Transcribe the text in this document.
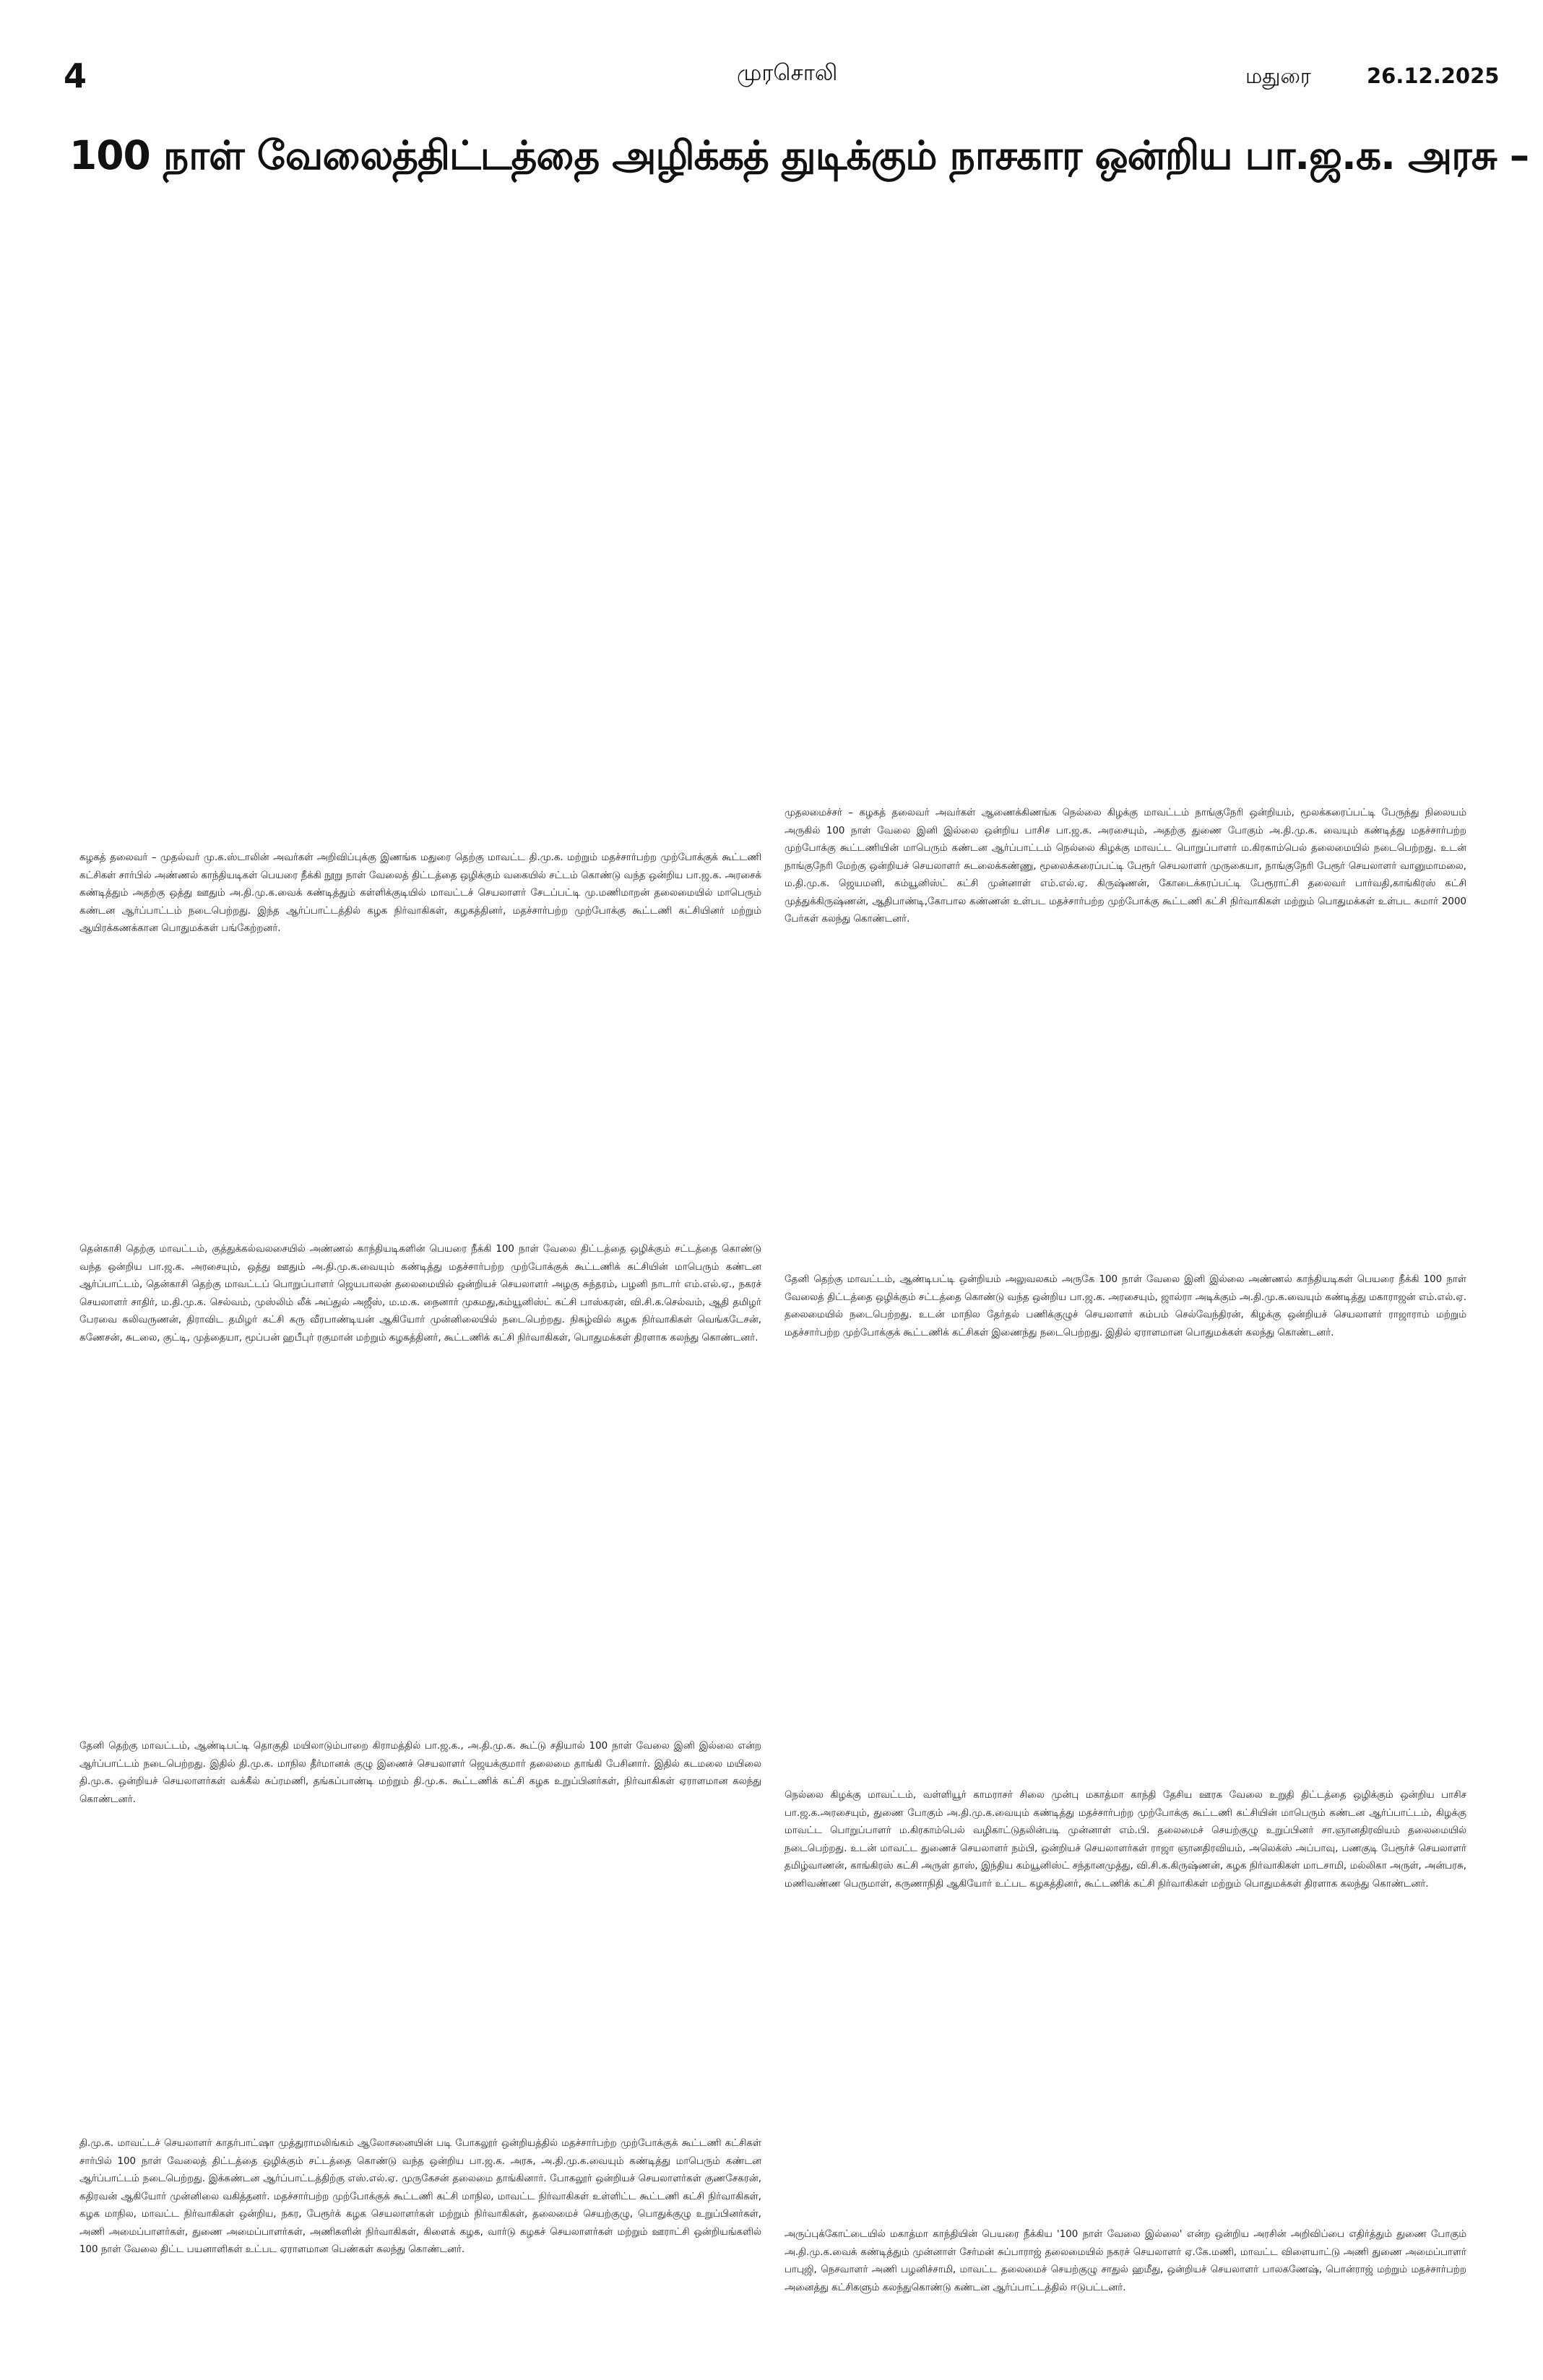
4	முரசொலி	மதுரை	26.12.2025
100 நாள் வேலைத்திட்டத்தை அழிக்கத் துடிக்கும் நாசகார ஒன்றிய பா.ஜ.க. அரசு –

கழகத் தலைவர் – முதல்வர் மு.க.ஸ்டாலின் அவர்கள் அறிவிப்புக்கு இணங்க மதுரை தெற்கு மாவட்ட தி.மு.க. மற்றும் மதச்சார்பற்ற முற்போக்குக் கூட்டணி கட்சிகள் சார்பில் அண்ணல் காந்தியடிகள் பெயரை நீக்கி நூறு நாள் வேலைத் திட்டத்தை ஒழிக்கும் வகையில் சட்டம் கொண்டு வந்த ஒன்றிய பா.ஜ.க. அரசைக் கண்டித்தும் அதற்கு ஒத்து ஊதும் அ.தி.மு.க.வைக் கண்டித்தும் கள்ளிக்குடியில் மாவட்டச் செயலாளர் சேடப்பட்டி மு.மணிமாறன் தலைமையில் மாபெரும் கண்டன ஆர்ப்பாட்டம் நடைபெற்றது. இந்த ஆர்ப்பாட்டத்தில் கழக நிர்வாகிகள், கழகத்தினர், மதச்சார்பற்ற முற்போக்கு கூட்டணி கட்சியினர் மற்றும் ஆயிரக்கணக்கான பொதுமக்கள் பங்கேற்றனர்.

முதலமைச்சர் – கழகத் தலைவர் அவர்கள் ஆணைக்கிணங்க நெல்லை கிழக்கு மாவட்டம் நாங்குநேரி ஒன்றியம், மூலக்கரைப்பட்டி பேருந்து நிலையம் அருகில் 100 நாள் வேலை இனி இல்லை ஒன்றிய பாசிச பா.ஜ.க. அரசையும், அதற்கு துணை போகும் அ.தி.மு.க. வையும் கண்டித்து மதச்சார்பற்ற முற்போக்கு கூட்டணியின் மாபெரும் கண்டன ஆர்ப்பாட்டம் நெல்லை கிழக்கு மாவட்ட பொறுப்பாளர் ம.கிரகாம்பெல் தலைமையில் நடைபெற்றது. உடன் நாங்குநேரி மேற்கு ஒன்றியச் செயலாளர் சுடலைக்கண்ணு, மூலைக்கரைப்பட்டி பேரூர் செயலாளர் முருகையா, நாங்குநேரி பேரூர் செயலாளர் வானுமாமலை, ம.தி.மு.க. ஜெயமனி, கம்யூனிஸ்ட் கட்சி முன்னாள் எம்.எல்.ஏ. கிருஷ்ணன், கோடைக்கரப்பட்டி பேரூராட்சி தலைவர் பார்வதி,காங்கிரஸ் கட்சி முத்துக்கிருஷ்ணன், ஆதிபாண்டி,கோபால கண்ணன் உள்பட மதச்சார்பற்ற முற்போக்கு கூட்டணி கட்சி நிர்வாகிகள் மற்றும் பொதுமக்கள் உள்பட சுமார் 2000 பேர்கள் கலந்து கொண்டனர்.

தென்காசி தெற்கு மாவட்டம், குத்துக்கல்வலசையில் அண்ணல் காந்தியடிகளின் பெயரை நீக்கி 100 நாள் வேலை திட்டத்தை ஒழிக்கும் சட்டத்தை கொண்டு வந்த ஒன்றிய பா.ஜ.க. அரசையும், ஒத்து ஊதும் அ.தி.மு.க.வையும் கண்டித்து மதச்சார்பற்ற முற்போக்குக் கூட்டணிக் கட்சியின் மாபெரும் கண்டன ஆர்ப்பாட்டம், தென்காசி தெற்கு மாவட்டப் பொறுப்பாளர் ஜெயபாலன் தலைமையில் ஒன்றியச் செயலாளர் அழகு சுந்தரம், பழனி நாடார் எம்.எல்.ஏ., நகரச் செயலாளர் சாதிர், ம.தி.மு.க. செல்வம், முஸ்லிம் லீக் அப்துல் அஜீஸ், ம.ம.க. நைனார் முகமது,கம்யூனிஸ்ட் கட்சி பாஸ்கரன், வி.சி.க.செல்வம், ஆதி தமிழர் பேரவை கலிவருணன், திராவிட தமிழர் கட்சி கரு வீரபாண்டியன் ஆகியோர் முன்னிலையில் நடைபெற்றது. நிகழ்வில் கழக நிர்வாகிகள் வெங்கடேசன், கணேசன், சுடலை, குட்டி, முத்தையா, மூப்பன் ஹபீபுர் ரகுமான் மற்றும் கழகத்தினர், கூட்டணிக் கட்சி நிர்வாகிகள், பொதுமக்கள் திரளாக கலந்து கொண்டனர்.

தேனி தெற்கு மாவட்டம், ஆண்டிபட்டி ஒன்றியம் அலுவலகம் அருகே 100 நாள் வேலை இனி இல்லை அண்ணல் காந்தியடிகள் பெயரை நீக்கி 100 நாள் வேலைத் திட்டத்தை ஒழிக்கும் சட்டத்தை கொண்டு வந்த ஒன்றிய பா.ஜ.க. அரசையும், ஜால்ரா அடிக்கும் அ.தி.மு.க.வையும் கண்டித்து மகாராஜன் எம்.எல்.ஏ. தலைமையில் நடைபெற்றது. உடன் மாநில தேர்தல் பணிக்குழுச் செயலாளர் கம்பம் செல்வேந்திரன், கிழக்கு ஒன்றியச் செயலாளர் ராஜாராம் மற்றும் மதச்சார்பற்ற முற்போக்குக் கூட்டணிக் கட்சிகள் இணைந்து நடைபெற்றது. இதில் ஏராளமான பொதுமக்கள் கலந்து கொண்டனர்.

தேனி தெற்கு மாவட்டம், ஆண்டிபட்டி தொகுதி மயிலாடும்பாறை கிராமத்தில் பா.ஜ.க., அ.தி.மு.க. கூட்டு சதியால் 100 நாள் வேலை இனி இல்லை என்ற ஆர்ப்பாட்டம் நடைபெற்றது. இதில் தி.மு.க. மாநில தீர்மானக் குழு இணைச் செயலாளர் ஜெயக்குமார் தலைமை தாங்கி பேசினார். இதில் கடமலை மயிலை தி.மு.க. ஒன்றியச் செயலாளர்கள் வக்கீல் சுப்ரமணி, தங்கப்பாண்டி மற்றும் தி.மு.க. கூட்டணிக் கட்சி கழக உறுப்பினர்கள், நிர்வாகிகள் ஏராளமான கலந்து கொண்டனர்.	நெல்லை கிழக்கு மாவட்டம், வள்ளியூர் காமராசர் சிலை முன்பு மகாத்மா காந்தி தேசிய ஊரக வேலை உறுதி திட்டத்தை ஒழிக்கும் ஒன்றிய பாசிச பா.ஜ.க.அரசையும், துணை போகும் அ.தி.மு.க.வையும் கண்டித்து மதச்சார்பற்ற முற்போக்கு கூட்டணி கட்சியின் மாபெரும் கண்டன ஆர்ப்பாட்டம், கிழக்கு மாவட்ட பொறுப்பாளர் ம.கிரகாம்பெல் வழிகாட்டுதலின்படி முன்னாள் எம்.பி. தலைமைச் செயற்குழு உறுப்பினர் சா.ஞானதிரவியம் தலைமையில் நடைபெற்றது. உடன் மாவட்ட துணைச் செயலாளர் நம்பி, ஒன்றியச் செயலாளர்கள் ராஜா ஞானதிரவியம், அலெக்ஸ் அப்பாவு, பணகுடி பேரூர்ச் செயலாளர் தமிழ்வாணன், காங்கிரஸ் கட்சி அருள் தாஸ், இந்திய கம்யூனிஸ்ட் சந்தானமுத்து, வி.சி.க.கிருஷ்ணன், கழக நிர்வாகிகள் மாடசாமி, மல்லிகா அருள், அன்பரசு, மணிவண்ண பெருமாள், கருணாநிதி ஆகியோர் உட்பட கழகத்தினர், கூட்டணிக் கட்சி நிர்வாகிகள் மற்றும் பொதுமக்கள் திரளாக கலந்து கொண்டனர்.

தி.மு.க. மாவட்டச் செயலாளர் காதர்பாட்ஷா முத்துராமலிங்கம் ஆலோசனையின் படி போகலூர் ஒன்றியத்தில் மதச்சார்பற்ற முற்போக்குக் கூட்டணி கட்சிகள் சார்பில் 100 நாள் வேலைத் திட்டத்தை ஒழிக்கும் சட்டத்தை கொண்டு வந்த ஒன்றிய பா.ஜ.க. அரசு, அ.தி.மு.க.வையும் கண்டித்து மாபெரும் கண்டன ஆர்ப்பாட்டம் நடைபெற்றது. இக்கண்டன ஆர்ப்பாட்டத்திற்கு எஸ்.எல்.ஏ. முருகேசன் தலைமை தாங்கினார். போகலூர் ஒன்றியச் செயலாளர்கள் குணசேகரன், கதிரவன் ஆகியோர் முன்னிலை வகித்தனர். மதச்சார்பற்ற முற்போக்குக் கூட்டணி கட்சி மாநில, மாவட்ட நிர்வாகிகள் உள்ளிட்ட கூட்டணி கட்சி நிர்வாகிகள், கழக மாநில, மாவட்ட நிர்வாகிகள் ஒன்றிய, நகர, பேரூர்க் கழக செயலாளர்கள் மற்றும் நிர்வாகிகள், தலைமைச் செயற்குழு, பொதுக்குழு உறுப்பினர்கள், அணி அமைப்பாளர்கள், துணை அமைப்பாளர்கள், அணிகளின் நிர்வாகிகள், கிளைக் கழக, வார்டு கழகச் செயலாளர்கள் மற்றும் ஊராட்சி ஒன்றியங்களில் 100 நாள் வேலை திட்ட பயனாளிகள் உட்பட ஏராளமான பெண்கள் கலந்து கொண்டனர்.

அருப்புக்கோட்டையில் மகாத்மா காந்தியின் பெயரை நீக்கிய '100 நாள் வேலை இல்லை' என்ற ஒன்றிய அரசின் அறிவிப்பை எதிர்த்தும் துணை போகும் அ.தி.மு.க.வைக் கண்டித்தும் முன்னாள் சேர்மன் சுப்பாராஜ் தலைமையில் நகரச் செயலாளர் ஏ.கே.மணி, மாவட்ட விளையாட்டு அணி துணை அமைப்பாளர் பாபுஜி, நெசவாளர் அணி பழனிச்சாமி, மாவட்ட தலைமைச் செயற்குழு சாதுல் ஹமீது, ஒன்றியச் செயலாளர் பாலகணேஷ், பொன்ராஜ் மற்றும் மதச்சார்பற்ற அனைத்து கட்சிகளும் கலந்துகொண்டு கண்டன ஆர்ப்பாட்டத்தில் ஈடுபட்டனர்.
